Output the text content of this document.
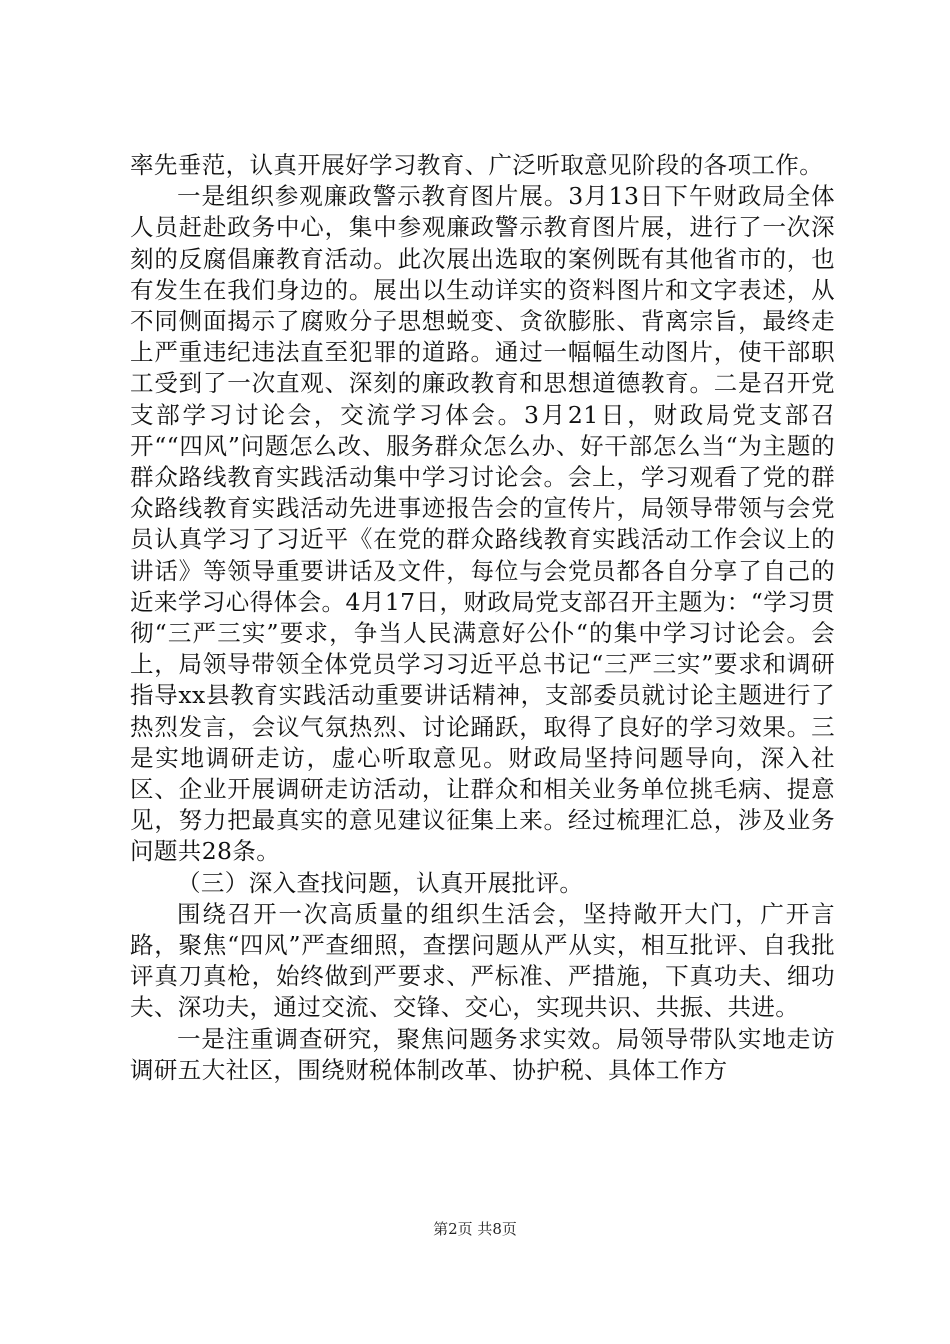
率先垂范，认真开展好学习教育、广泛听取意见阶段的各项工作。

一是组织参观廉政警示教育图片展。3月13日下午财政局全体人员赶赴政务中心，集中参观廉政警示教育图片展，进行了一次深刻的反腐倡廉教育活动。此次展出选取的案例既有其他省市的，也有发生在我们身边的。展出以生动详实的资料图片和文字表述，从不同侧面揭示了腐败分子思想蜕变、贪欲膨胀、背离宗旨，最终走上严重违纪违法直至犯罪的道路。通过一幅幅生动图片，使干部职工受到了一次直观、深刻的廉政教育和思想道德教育。二是召开党支部学习讨论会，交流学习体会。3月21日，财政局党支部召开““四风”问题怎么改、服务群众怎么办、好干部怎么当“为主题的群众路线教育实践活动集中学习讨论会。会上，学习观看了党的群众路线教育实践活动先进事迹报告会的宣传片，局领导带领与会党员认真学习了习近平《在党的群众路线教育实践活动工作会议上的讲话》等领导重要讲话及文件，每位与会党员都各自分享了自己的近来学习心得体会。4月17日，财政局党支部召开主题为：“学习贯彻“三严三实”要求，争当人民满意好公仆“的集中学习讨论会。会上，局领导带领全体党员学习习近平总书记“三严三实”要求和调研指导xx县教育实践活动重要讲话精神，支部委员就讨论主题进行了热烈发言，会议气氛热烈、讨论踊跃，取得了良好的学习效果。三是实地调研走访，虚心听取意见。财政局坚持问题导向，深入社区、企业开展调研走访活动，让群众和相关业务单位挑毛病、提意见，努力把最真实的意见建议征集上来。经过梳理汇总，涉及业务问题共28条。

（三）深入查找问题，认真开展批评。

围绕召开一次高质量的组织生活会，坚持敞开大门，广开言路，聚焦“四风”严查细照，查摆问题从严从实，相互批评、自我批评真刀真枪，始终做到严要求、严标准、严措施，下真功夫、细功夫、深功夫，通过交流、交锋、交心，实现共识、共振、共进。

一是注重调查研究，聚焦问题务求实效。局领导带队实地走访调研五大社区，围绕财税体制改革、协护税、具体工作方

第2页 共8页
